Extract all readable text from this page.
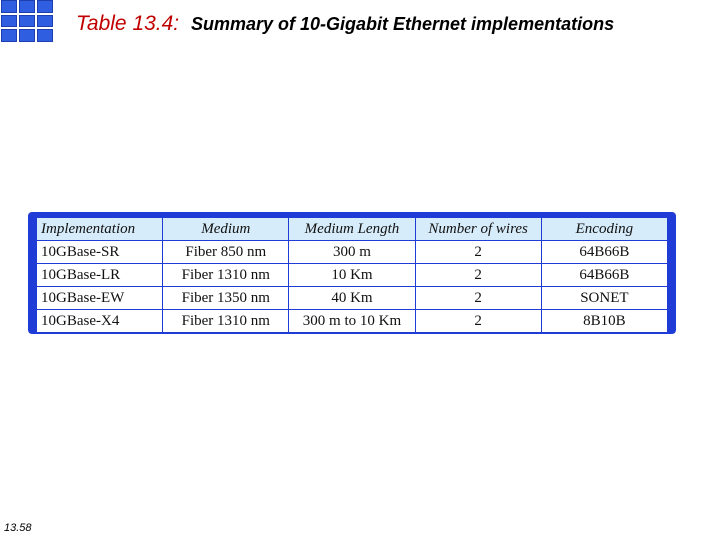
Table 13.4: Summary of 10-Gigabit Ethernet implementations
Implementation	Medium	Medium Length	Number of wires	Encoding
10GBase-SR	Fiber 850 nm	300 m	2	64B66B
10GBase-LR	Fiber 1310 nm	10 Km	2	64B66B
10GBase-EW	Fiber 1350 nm	40 Km	2	SONET
10GBase-X4	Fiber 1310 nm	300 m to 10 Km	2	8B10B
13.58
